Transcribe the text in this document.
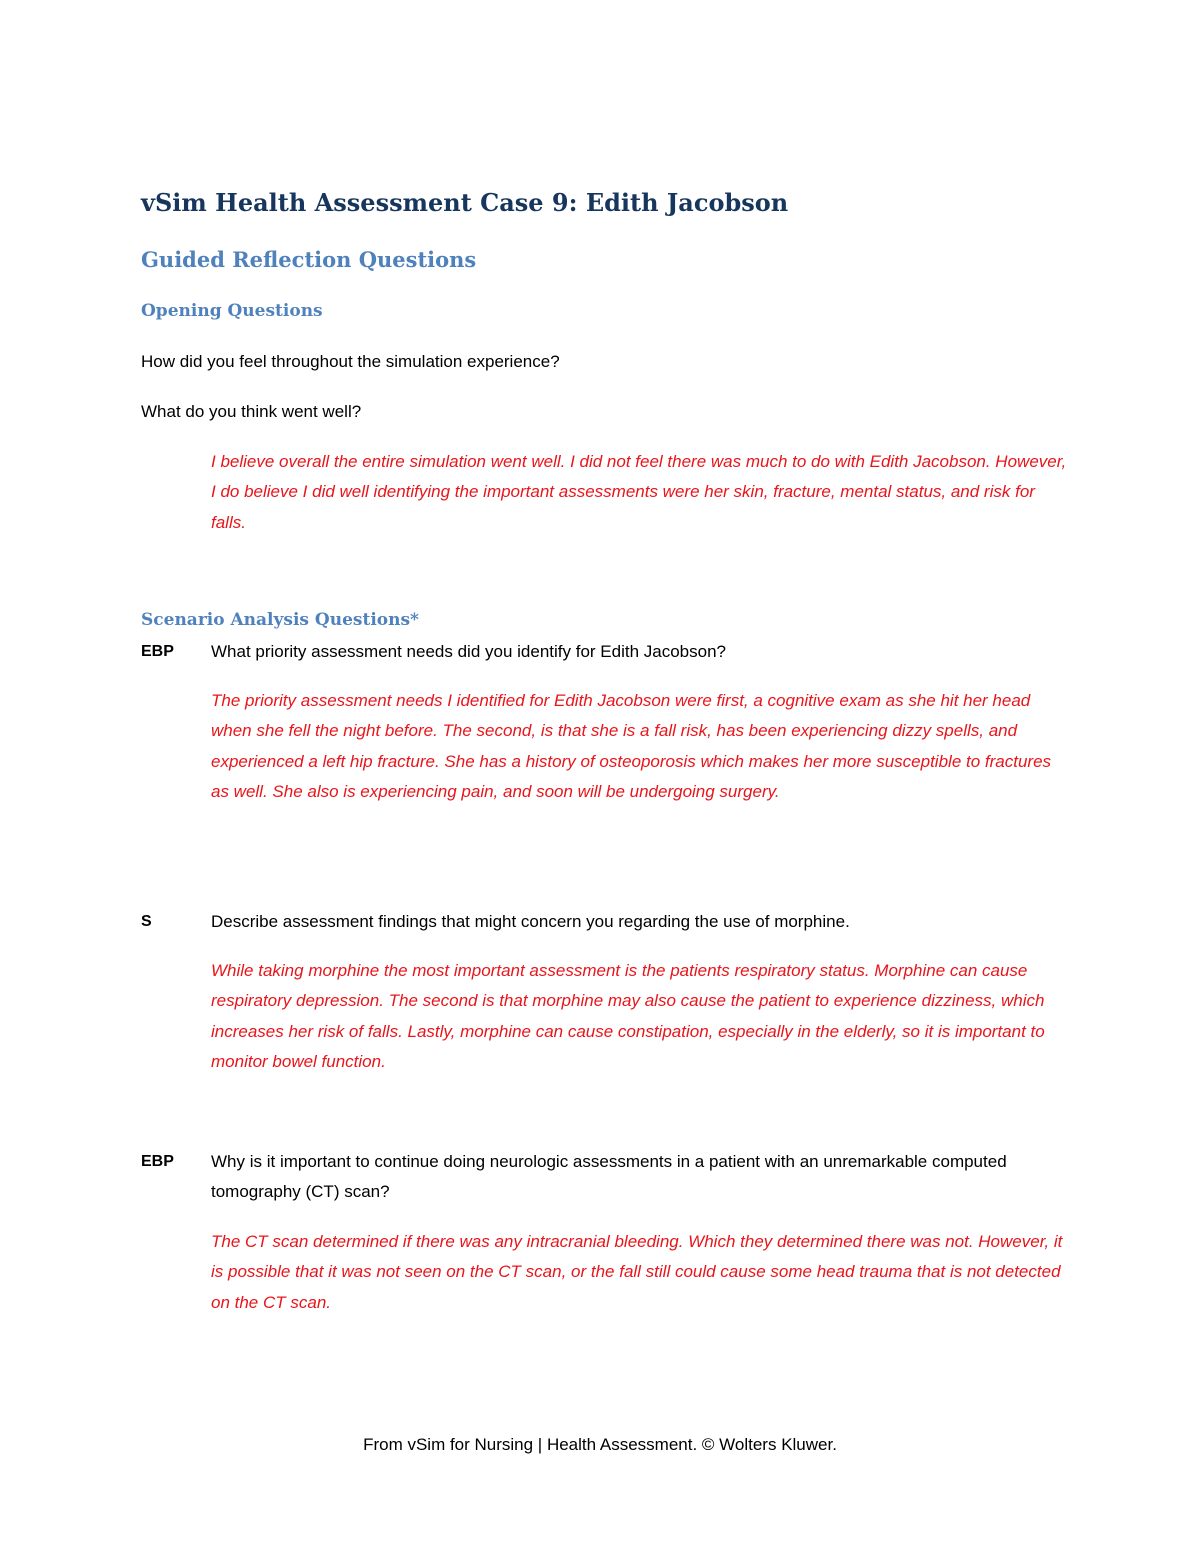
vSim Health Assessment Case 9: Edith Jacobson
Guided Reflection Questions
Opening Questions

How did you feel throughout the simulation experience?

What do you think went well?

I believe overall the entire simulation went well. I did not feel there was much to do with Edith Jacobson. However, I do believe I did well identifying the important assessments were her skin, fracture, mental status, and risk for falls.

Scenario Analysis Questions*
EBP What priority assessment needs did you identify for Edith Jacobson?

The priority assessment needs I identified for Edith Jacobson were first, a cognitive exam as she hit her head when she fell the night before. The second, is that she is a fall risk, has been experiencing dizzy spells, and experienced a left hip fracture. She has a history of osteoporosis which makes her more susceptible to fractures as well. She also is experiencing pain, and soon will be undergoing surgery.

S	Describe assessment findings that might concern you regarding the use of morphine.

While taking morphine the most important assessment is the patients respiratory status. Morphine can cause respiratory depression. The second is that morphine may also cause the patient to experience dizziness, which increases her risk of falls. Lastly, morphine can cause constipation, especially in the elderly, so it is important to monitor bowel function.

EBP Why is it important to continue doing neurologic assessments in a patient with an unremarkable computed tomography (CT) scan?

The CT scan determined if there was any intracranial bleeding. Which they determined there was not. However, it is possible that it was not seen on the CT scan, or the fall still could cause some head trauma that is not detected on the CT scan.

From vSim for Nursing | Health Assessment. © Wolters Kluwer.
